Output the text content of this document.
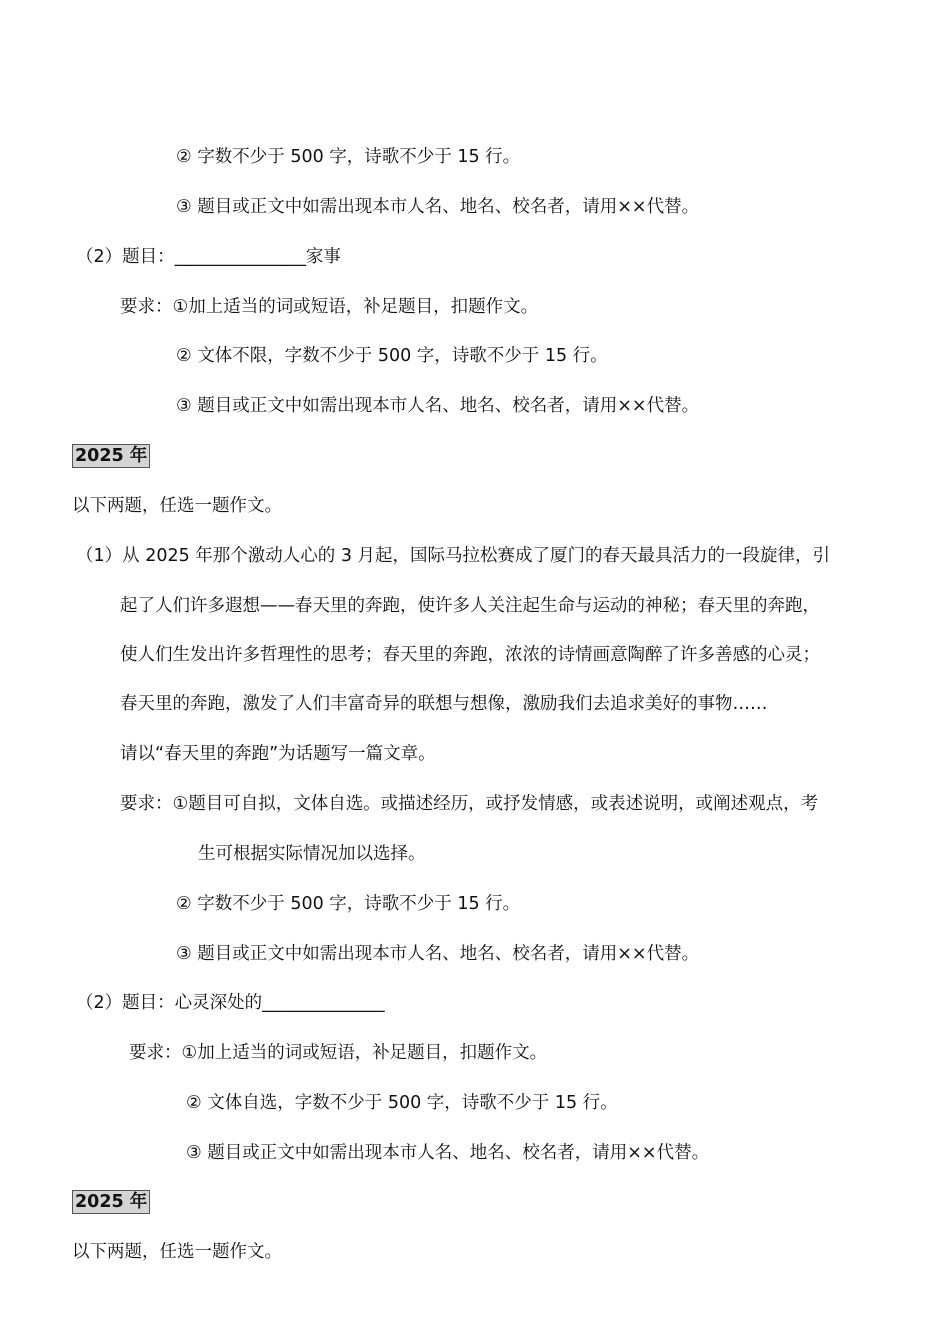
② 字数不少于 500 字，诗歌不少于 15 行。
③ 题目或正文中如需出现本市人名、地名、校名者，请用××代替。
（2）题目：_______________家事
要求：①加上适当的词或短语，补足题目，扣题作文。
② 文体不限，字数不少于 500 字，诗歌不少于 15 行。
③ 题目或正文中如需出现本市人名、地名、校名者，请用××代替。
2025 年
以下两题，任选一题作文。
（1）从 2025 年那个激动人心的 3 月起，国际马拉松赛成了厦门的春天最具活力的一段旋律，引
起了人们许多遐想——春天里的奔跑，使许多人关注起生命与运动的神秘；春天里的奔跑，
使人们生发出许多哲理性的思考；春天里的奔跑，浓浓的诗情画意陶醉了许多善感的心灵；
春天里的奔跑，激发了人们丰富奇异的联想与想像，激励我们去追求美好的事物……
请以“春天里的奔跑”为话题写一篇文章。
要求：①题目可自拟，文体自选。或描述经历，或抒发情感，或表述说明，或阐述观点，考
生可根据实际情况加以选择。
② 字数不少于 500 字，诗歌不少于 15 行。
③ 题目或正文中如需出现本市人名、地名、校名者，请用××代替。
（2）题目：心灵深处的______________
要求：①加上适当的词或短语，补足题目，扣题作文。
② 文体自选，字数不少于 500 字，诗歌不少于 15 行。
③ 题目或正文中如需出现本市人名、地名、校名者，请用××代替。
2025 年
以下两题，任选一题作文。
